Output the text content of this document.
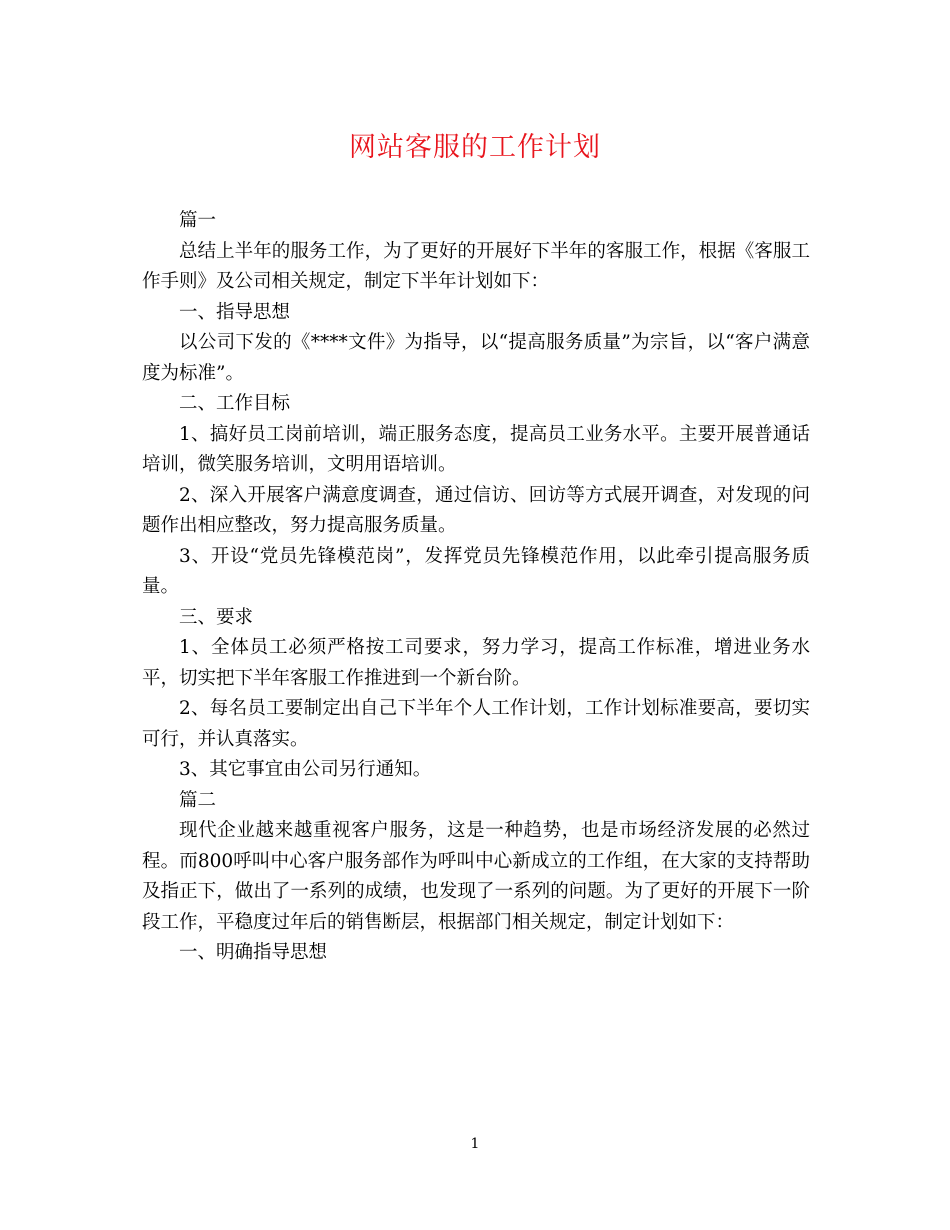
网站客服的工作计划

篇一

总结上半年的服务工作，为了更好的开展好下半年的客服工作，根据《客服工作手则》及公司相关规定，制定下半年计划如下：

一、指导思想

以公司下发的《****文件》为指导，以“提高服务质量”为宗旨，以“客户满意度为标准”。

二、工作目标

1、搞好员工岗前培训，端正服务态度，提高员工业务水平。主要开展普通话培训，微笑服务培训，文明用语培训。

2、深入开展客户满意度调查，通过信访、回访等方式展开调查，对发现的问题作出相应整改，努力提高服务质量。

3、开设“党员先锋模范岗”，发挥党员先锋模范作用，以此牵引提高服务质量。

三、要求

1、全体员工必须严格按工司要求，努力学习，提高工作标准，增进业务水平，切实把下半年客服工作推进到一个新台阶。

2、每名员工要制定出自己下半年个人工作计划，工作计划标准要高，要切实可行，并认真落实。

3、其它事宜由公司另行通知。

篇二

现代企业越来越重视客户服务，这是一种趋势，也是市场经济发展的必然过程。而800呼叫中心客户服务部作为呼叫中心新成立的工作组，在大家的支持帮助及指正下，做出了一系列的成绩，也发现了一系列的问题。为了更好的开展下一阶段工作，平稳度过年后的销售断层，根据部门相关规定，制定计划如下：

一、明确指导思想

1
